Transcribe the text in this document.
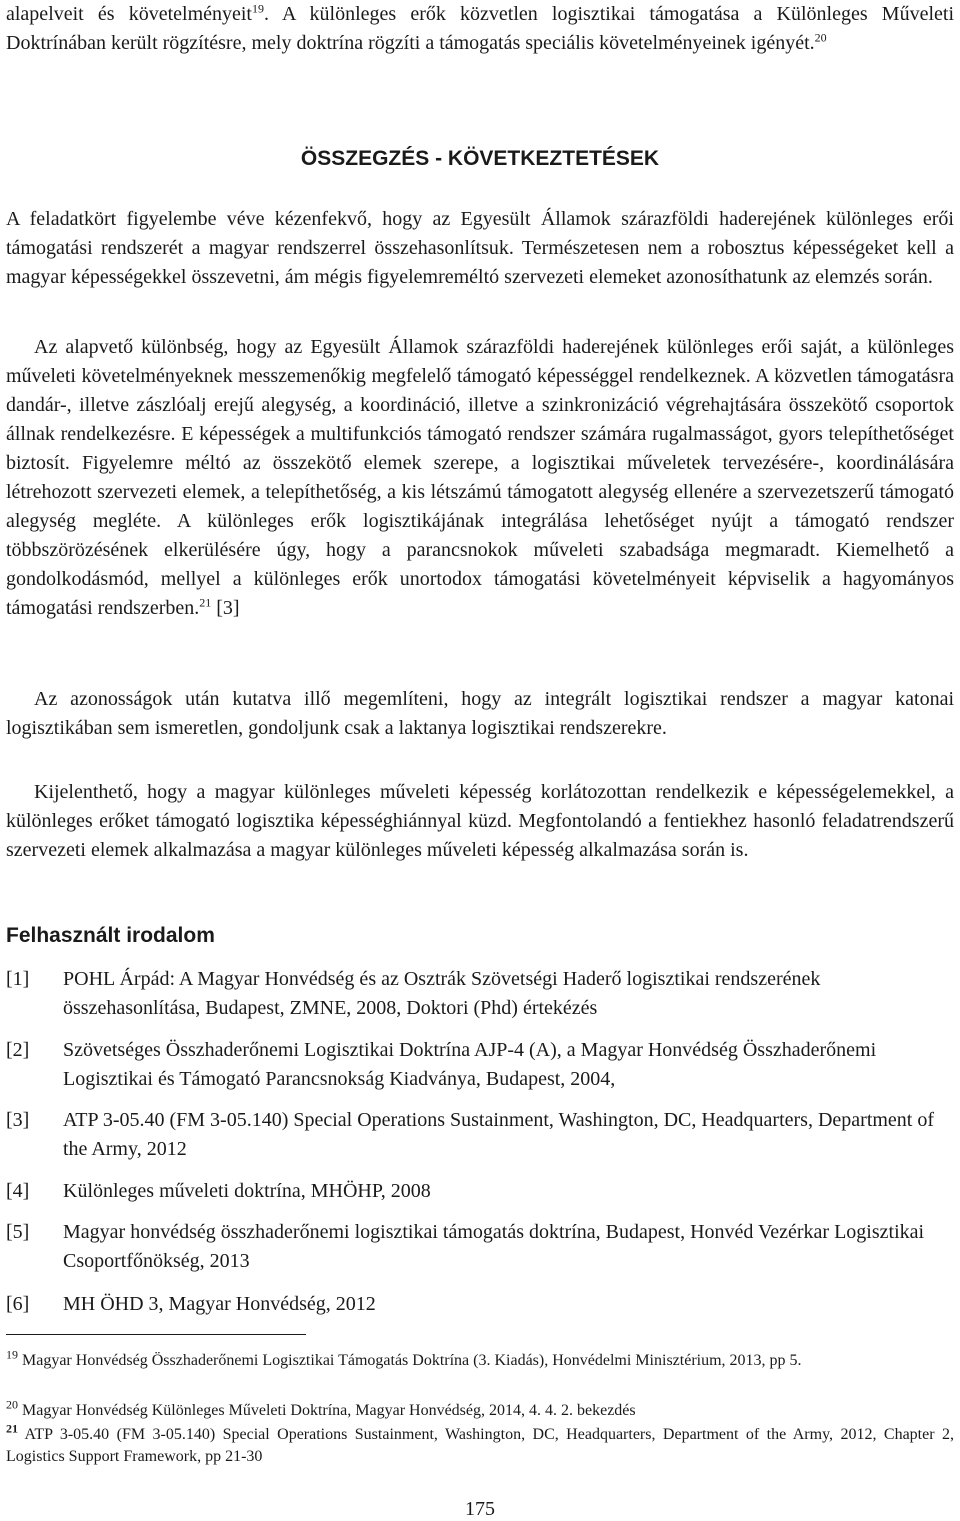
alapelveit és követelményeit$^{19}$. A különleges erők közvetlen logisztikai támogatása a Különleges Műveleti Doktrínában került rögzítésre, mely doktrína rögzíti a támogatás speciális követelményeinek igényét.$^{20}$

ÖSSZEGZÉS - KÖVETKEZTETÉSEK

A feladatkört figyelembe véve kézenfekvő, hogy az Egyesült Államok szárazföldi haderejének különleges erői támogatási rendszerét a magyar rendszerrel összehasonlítsuk. Természetesen nem a robosztus képességeket kell a magyar képességekkel összevetni, ám mégis figyelemreméltó szervezeti elemeket azonosíthatunk az elemzés során.

Az alapvető különbség, hogy az Egyesült Államok szárazföldi haderejének különleges erői saját, a különleges műveleti követelményeknek messzemenőkig megfelelő támogató képességgel rendelkeznek. A közvetlen támogatásra dandár-, illetve zászlóalj erejű alegység, a koordináció, illetve a szinkronizáció végrehajtására összekötő csoportok állnak rendelkezésre. E képességek a multifunkciós támogató rendszer számára rugalmasságot, gyors telepíthetőséget biztosít. Figyelemre méltó az összekötő elemek szerepe, a logisztikai műveletek tervezésére-, koordinálására létrehozott szervezeti elemek, a telepíthetőség, a kis létszámú támogatott alegység ellenére a szervezetszerű támogató alegység megléte. A különleges erők logisztikájának integrálása lehetőséget nyújt a támogató rendszer többszörözésének elkerülésére úgy, hogy a parancsnokok műveleti szabadsága megmaradt. Kiemelhető a gondolkodásmód, mellyel a különleges erők unortodox támogatási követelményeit képviselik a hagyományos támogatási rendszerben.$^{21}$ [3]

Az azonosságok után kutatva illő megemlíteni, hogy az integrált logisztikai rendszer a magyar katonai logisztikában sem ismeretlen, gondoljunk csak a laktanya logisztikai rendszerekre.

Kijelenthető, hogy a magyar különleges műveleti képesség korlátozottan rendelkezik e képességelemekkel, a különleges erőket támogató logisztika képességhiánnyal küzd. Megfontolandó a fentiekhez hasonló feladatrendszerű szervezeti elemek alkalmazása a magyar különleges műveleti képesség alkalmazása során is.

Felhasznált irodalom

[1] POHL Árpád: A Magyar Honvédség és az Osztrák Szövetségi Haderő logisztikai rendszerének összehasonlítása, Budapest, ZMNE, 2008, Doktori (Phd) értekézés
[2] Szövetséges Összhaderőnemi Logisztikai Doktrína AJP-4 (A), a Magyar Honvédség Összhaderőnemi Logisztikai és Támogató Parancsnokság Kiadványa, Budapest, 2004,
[3] ATP 3-05.40 (FM 3-05.140) Special Operations Sustainment, Washington, DC, Headquarters, Department of the Army, 2012
[4] Különleges műveleti doktrína, MHÖHP, 2008
[5] Magyar honvédség összhaderőnemi logisztikai támogatás doktrína, Budapest, Honvéd Vezérkar Logisztikai Csoportfőnökség, 2013
[6] MH ÖHD 3, Magyar Honvédség, 2012

$^{19}$ Magyar Honvédség Összhaderőnemi Logisztikai Támogatás Doktrína (3. Kiadás), Honvédelmi Minisztérium, 2013, pp 5.

$^{20}$ Magyar Honvédség Különleges Műveleti Doktrína, Magyar Honvédség, 2014, 4. 4. 2. bekezdés

$^{21}$ ATP 3-05.40 (FM 3-05.140) Special Operations Sustainment, Washington, DC, Headquarters, Department of the Army, 2012, Chapter 2, Logistics Support Framework, pp 21-30

175
